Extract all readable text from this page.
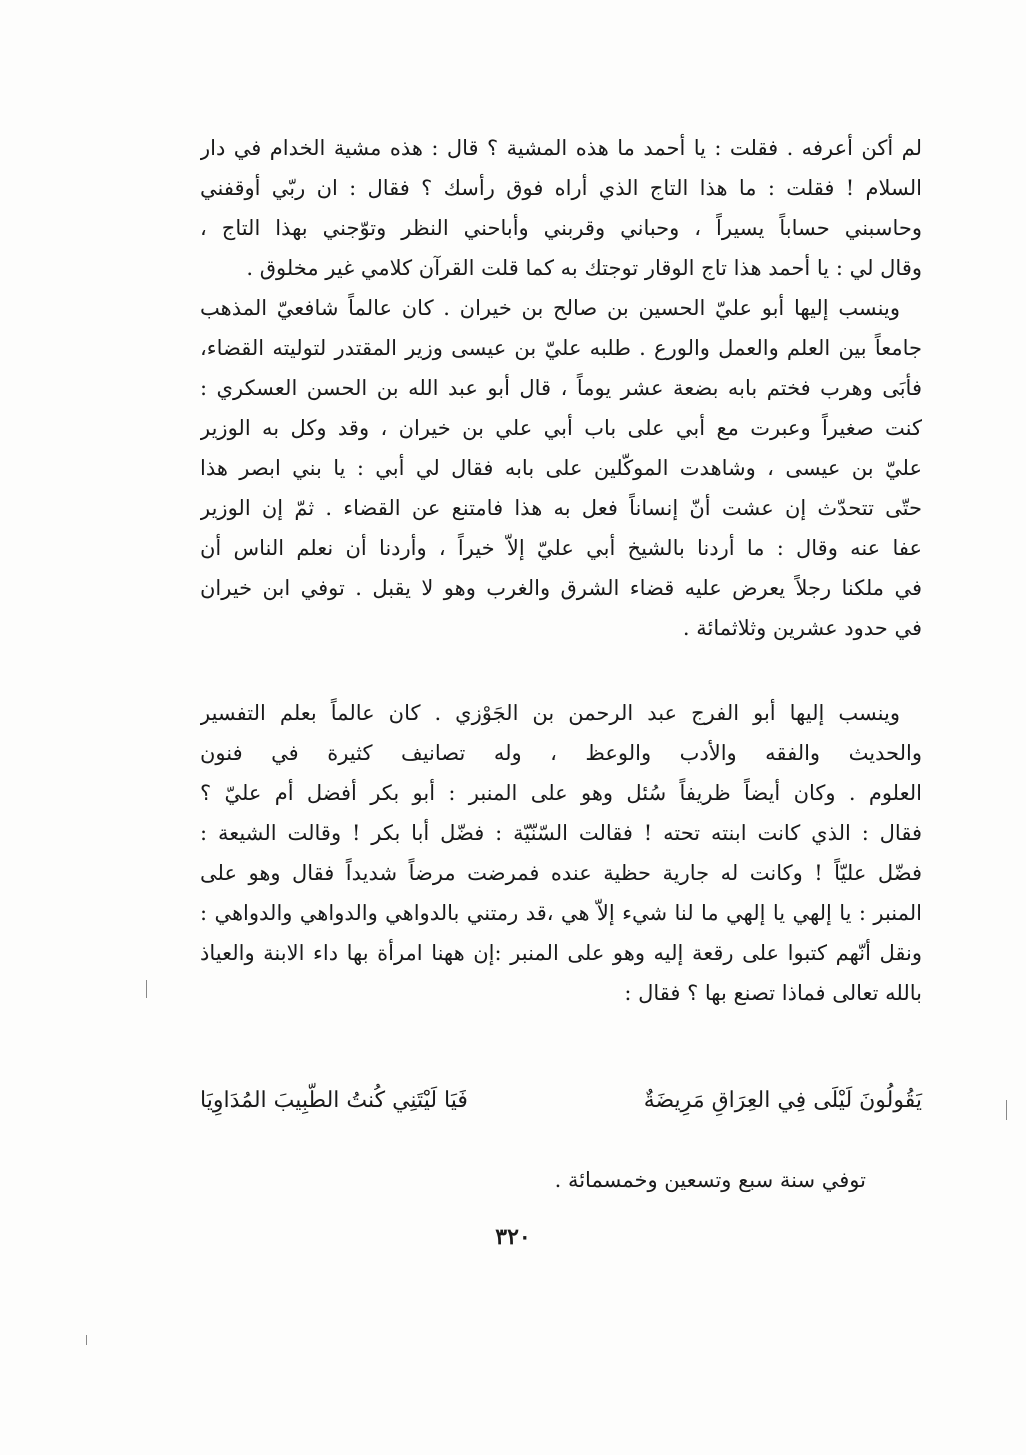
لم أكن أعرفه . فقلت : يا أحمد ما هذه المشية ؟ قال : هذه مشية الخدام في دار
السلام ! فقلت : ما هذا التاج الذي أراه فوق رأسك ؟ فقال : ان ربّي أوقفني
وحاسبني حساباً يسيراً ، وحباني وقربني وأباحني النظر وتوّجني بهذا التاج ،
وقال لي : يا أحمد هذا تاج الوقار توجتك به كما قلت القرآن كلامي غير مخلوق .
وينسب إليها أبو عليّ الحسين بن صالح بن خيران . كان عالماً شافعيّ المذهب
جامعاً بين العلم والعمل والورع . طلبه عليّ بن عيسى وزير المقتدر لتوليته القضاء،
فأبَى وهرب فختم بابه بضعة عشر يوماً ، قال أبو عبد الله بن الحسن العسكري :
كنت صغيراً وعبرت مع أبي على باب أبي علي بن خيران ، وقد وكل به الوزير
عليّ بن عيسى ، وشاهدت الموكّلين على بابه فقال لي أبي : يا بني ابصر هذا
حتّى تتحدّث إن عشت أنّ إنساناً فعل به هذا فامتنع عن القضاء . ثمّ إن الوزير
عفا عنه وقال : ما أردنا بالشيخ أبي عليّ إلاّ خيراً ، وأردنا أن نعلم الناس أن
في ملكنا رجلاً يعرض عليه قضاء الشرق والغرب وهو لا يقبل . توفي ابن خيران
في حدود عشرين وثلاثمائة .
وينسب إليها أبو الفرج عبد الرحمن بن الجَوْزي . كان عالماً بعلم التفسير
والحديث والفقه والأدب والوعظ ، وله تصانيف كثيرة في فنون
العلوم . وكان أيضاً ظريفاً سُئل وهو على المنبر : أبو بكر أفضل أم عليّ ؟
فقال : الذي كانت ابنته تحته ! فقالت السّنّيّة : فضّل أبا بكر ! وقالت الشيعة :
فضّل عليّاً ! وكانت له جارية حظية عنده فمرضت مرضاً شديداً فقال وهو على
المنبر : يا إلهي يا إلهي ما لنا شيء إلاّ هي ،قد رمتني بالدواهي والدواهي والدواهي :
ونقل أنّهم كتبوا على رقعة إليه وهو على المنبر :إن ههنا امرأة بها داء الابنة والعياذ
بالله تعالى فماذا تصنع بها ؟ فقال :
يَقُولُونَ لَيْلَى فِي العِرَاقِ مَرِيضَةٌ
فَيَا لَيْتَنِي كُنتُ الطّبِيبَ المُدَاوِيَا
توفي سنة سبع وتسعين وخمسمائة .
٣٢٠
